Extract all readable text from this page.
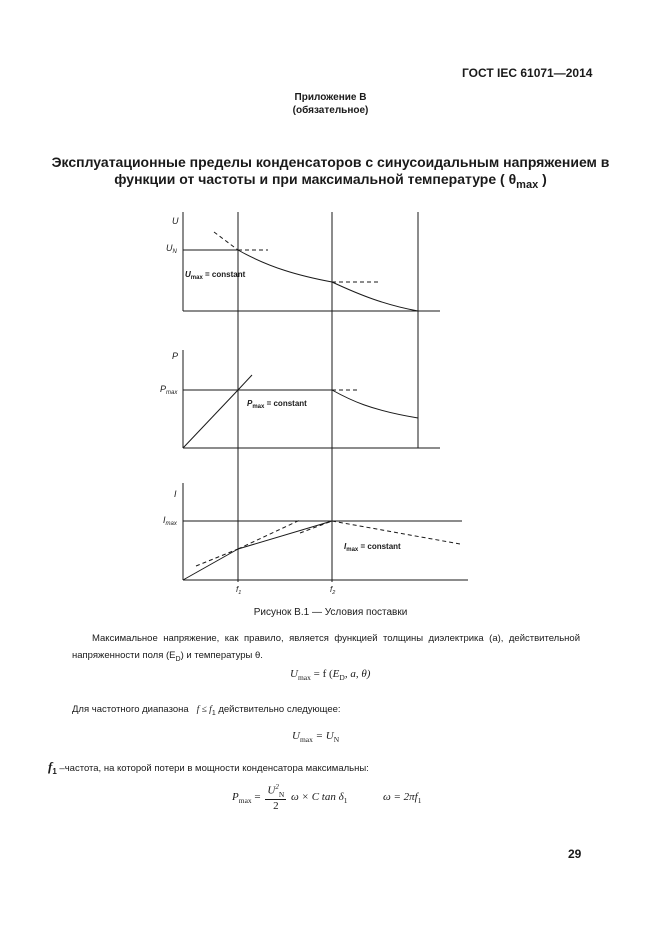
ГОСТ IEC 61071—2014
Приложение В
(обязательное)
Эксплуатационные пределы конденсаторов с синусоидальным напряжением в
функции от частоты и при максимальной температуре ( $\theta_{max}$ )
U
$U_N$
$U_{max}$ = constant
P
$P_{max}$
$P_{max}$ = constant
I
$I_{max}$
$I_{max}$ = constant
$f_1$	$f_2$
Рисунок В.1 — Условия поставки
Максимальное напряжение, как правило, является функцией толщины диэлектрика (а), действительной напряженности поля $(E_D)$ и температуры θ.
$U_{max} = f$ ($E_D$, a, θ)
Для частотного диапазона $f \le f_1$ действительно следующее:
$U_{max} = U_N$
$f_1$ –частота, на которой потери в мощности конденсатора максимальны:
$P_{max} = \frac{U^2_N}{2}$ ω × C $\tan \delta_1$	$\omega = 2\pi f_1$
29
